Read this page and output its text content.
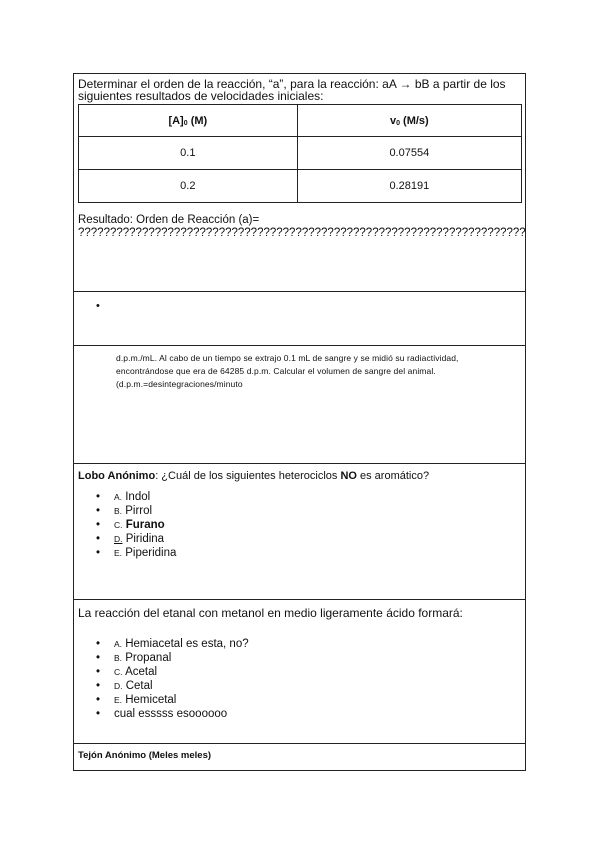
Determinar el orden de la reacción, “a”, para la reacción: aA → bB a partir de los siguientes resultados de velocidades iniciales:

[A]0 (M)	v0 (M/s)
0.1	0.07554
0.2	0.28191
Resultado: Orden de Reacción (a)=
??????????????????????????????????????????????????????????????????????
•
d.p.m./mL. Al cabo de un tiempo se extrajo 0.1 mL de sangre y se midió su radiactividad, encontrándose que era de 64285 d.p.m. Calcular el volumen de sangre del animal. (d.p.m.=desintegraciones/minuto
Lobo Anónimo: ¿Cuál de los siguientes heterociclos NO es aromático?
• A. Indol
• B. Pirrol
• C. Furano
• D. Piridina
• E. Piperidina
La reacción del etanal con metanol en medio ligeramente ácido formará:
• A. Hemiacetal es esta, no?
• B. Propanal
• C. Acetal
• D. Cetal
• E. Hemicetal
• cual esssss esoooooo
Tejón Anónimo (Meles meles)
